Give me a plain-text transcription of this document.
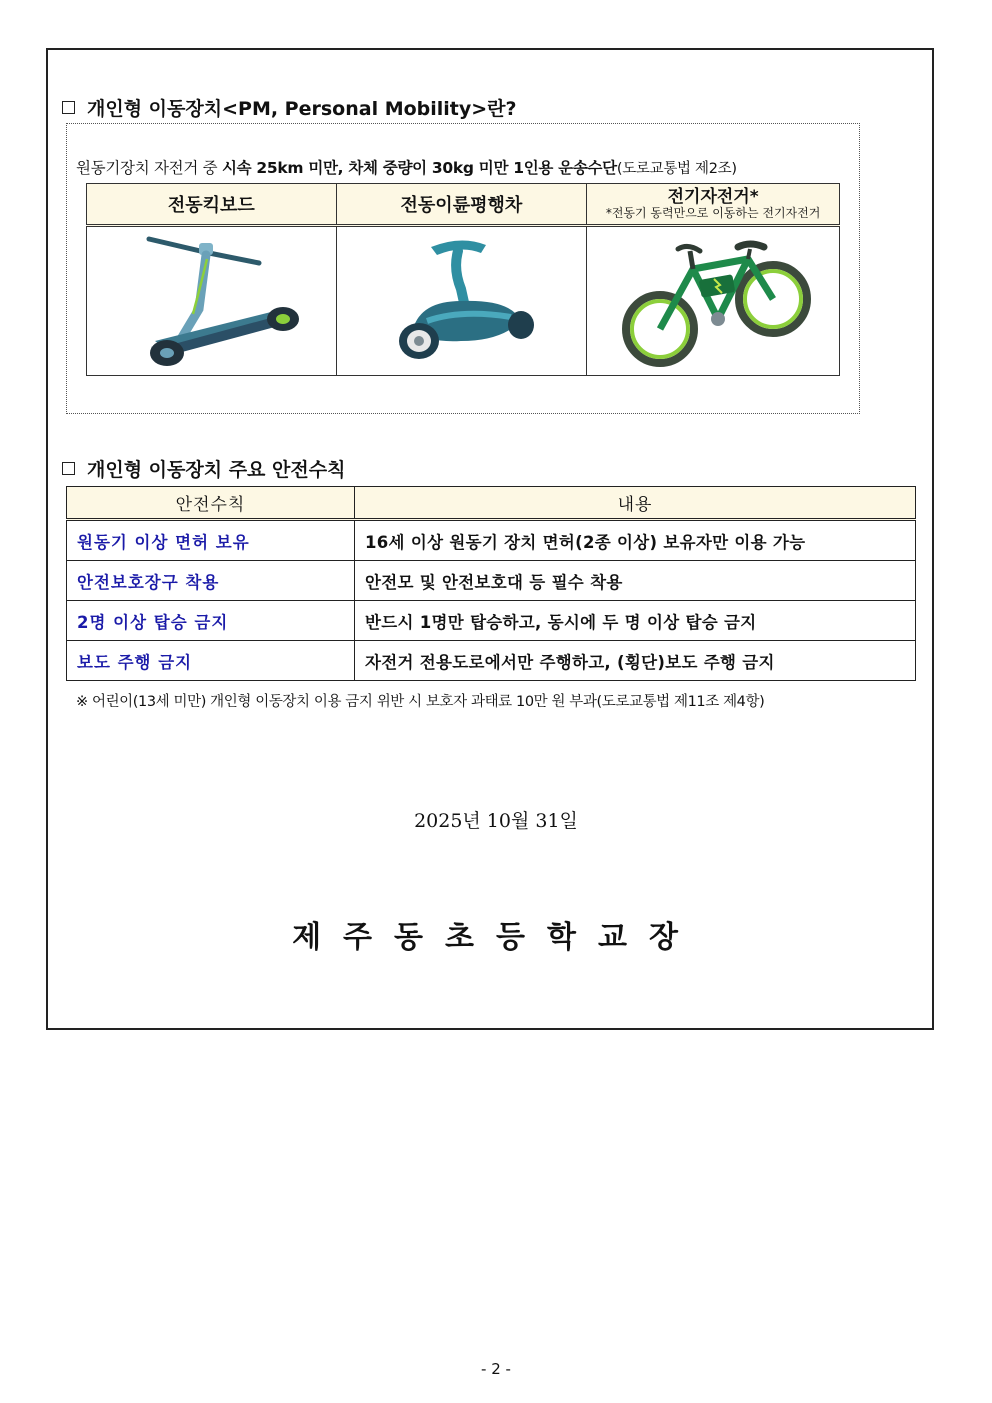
개인형 이동장치<PM, Personal Mobility>란?
원동기장치 자전거 중 시속 25km 미만, 차체 중량이 30kg 미만 1인용 운송수단(도로교통법 제2조)
전동킥보드	전동이륜평행차	전기자전거*
*전동기 동력만으로 이동하는 전기자전거

개인형 이동장치 주요 안전수칙
안전수칙	내용
원동기 이상 면허 보유	16세 이상 원동기 장치 면허(2종 이상) 보유자만 이용 가능
안전보호장구 착용	안전모 및 안전보호대 등 필수 착용
2명 이상 탑승 금지	반드시 1명만 탑승하고, 동시에 두 명 이상 탑승 금지
보도 주행 금지	자전거 전용도로에서만 주행하고, (횡단)보도 주행 금지
※ 어린이(13세 미만) 개인형 이동장치 이용 금지 위반 시 보호자 과태료 10만 원 부과(도로교통법 제11조 제4항)
2025년 10월 31일
제주동초등학교장
- 2 -
